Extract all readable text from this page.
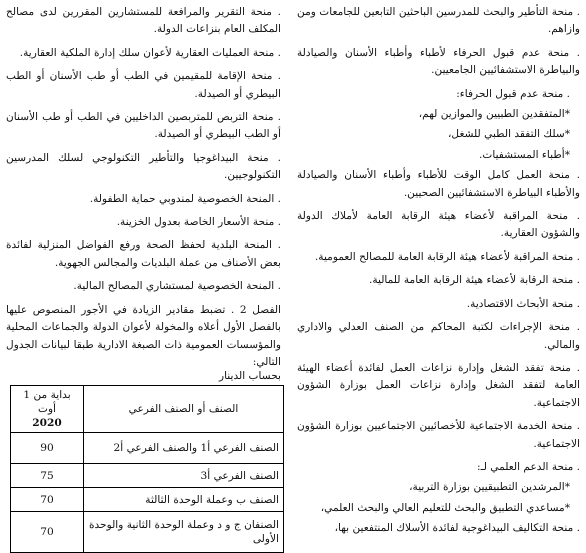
. منحة التأطير والبحث للمدرسين الباحثين التابعين للجامعات ومن وازاهم.

. منحة عدم قبول الحرفاء لأطباء وأطباء الأسنان والصيادلة والبياطرة الاستشفائيين الجامعيين.

. منحة عدم قبول الحرفاء:

*المتفقدين الطبيين والموازين لهم،

*سلك التفقد الطبي للشغل،

*أطباء المستشفيات.

. منحة العمل كامل الوقت للأطباء وأطباء الأسنان والصيادلة والأطباء البياطرة الاستشفائيين الصحيين.

. منحة المراقبة لأعضاء هيئة الرقابة العامة لأملاك الدولة والشؤون العقارية.

. منحة المراقبة لأعضاء هيئة الرقابة العامة للمصالح العمومية.

. منحة الرقابة لأعضاء هيئة الرقابة العامة للمالية.

. منحة الأبحاث الاقتصادية.

. منحة الإجراءات لكتبة المحاكم من الصنف العدلي والاداري والمالي.

. منحة تفقد الشغل وإدارة نزاعات العمل لفائدة أعضاء الهيئة العامة لتفقد الشغل وإدارة نزاعات العمل بوزارة الشؤون الاجتماعية.

. منحة الخدمة الاجتماعية للأخصائيين الاجتماعيين بوزارة الشؤون الاجتماعية.

. منحة الدعم العلمي لـ:

*المرشدين التطبيقيين بوزارة التربية،

*مساعدي التطبيق والبحث للتعليم العالي والبحث العلمي،

. منحة التكاليف البيداغوجية لفائدة الأسلاك المنتفعين بها،

. منحة التقرير والمرافعة للمستشارين المقررين لدى مصالح المكلف العام بنزاعات الدولة.

. منحة العمليات العقارية لأعوان سلك إدارة الملكية العقارية.

. منحة الإقامة للمقيمين في الطب أو طب الأسنان أو الطب البيطري أو الصيدلة.

. منحة التربص للمتربصين الداخليين في الطب أو طب الأسنان أو الطب البيطري أو الصيدلة.

. منحة البيداغوجيا والتأطير التكنولوجي لسلك المدرسين التكنولوجيين.

. المنحة الخصوصية لمندوبي حماية الطفولة.

. منحة الأسعار الخاصة بعدول الخزينة.

. المنحة البلدية لحفظ الصحة ورفع الفواضل المنزلية لفائدة بعض الأصناف من عملة البلديات والمجالس الجهوية.

. المنحة الخصوصية لمستشاري المصالح المالية.

الفصل 2 . تضبط مقادير الزيادة في الأجور المنصوص عليها بالفصل الأول أعلاه والمخولة لأعوان الدولة والجماعات المحلية والمؤسسات العمومية ذات الصبغة الادارية طبقا لبيانات الجدول التالي:

بحساب الدينار
الصنف أو الصنف الفرعي	بداية من 1 أوت
2020

الصنف الفرعي أ1 والصنف الفرعي أ2	90
الصنف الفرعي أ3	75
الصنف ب وعملة الوحدة الثالثة	70
الصنفان ج و د وعملة الوحدة الثانية والوحدة الأولى	70
